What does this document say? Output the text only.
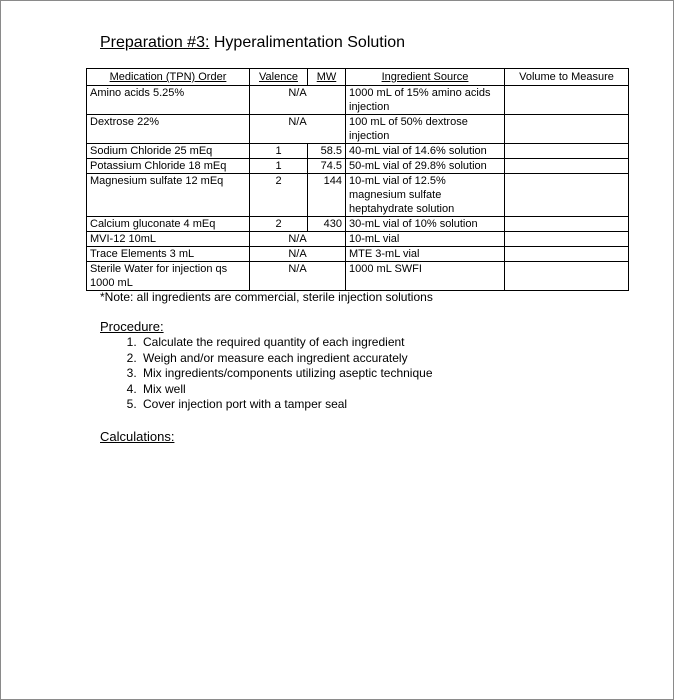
Preparation #3: Hyperalimentation Solution
Medication (TPN) Order	Valence	MW	Ingredient Source	Volume to Measure
Amino acids 5.25%	N/A		1000 mL of 15% amino acids injection	
Dextrose 22%	N/A		100 mL of 50% dextrose injection	
Sodium Chloride 25 mEq	1	58.5	40-mL vial of 14.6% solution	
Potassium Chloride 18 mEq	1	74.5	50-mL vial of 29.8% solution	
Magnesium sulfate 12 mEq	2	144	10-mL vial of 12.5% magnesium sulfate heptahydrate solution	
Calcium gluconate 4 mEq	2	430	30-mL vial of 10% solution	
MVI-12 10mL	N/A		10-mL vial	
Trace Elements 3 mL	N/A		MTE 3-mL vial	
Sterile Water for injection qs 1000 mL	N/A		1000 mL SWFI	
*Note: all ingredients are commercial, sterile injection solutions
Procedure:
1. Calculate the required quantity of each ingredient
2. Weigh and/or measure each ingredient accurately
3. Mix ingredients/components utilizing aseptic technique
4. Mix well
5. Cover injection port with a tamper seal
Calculations:
